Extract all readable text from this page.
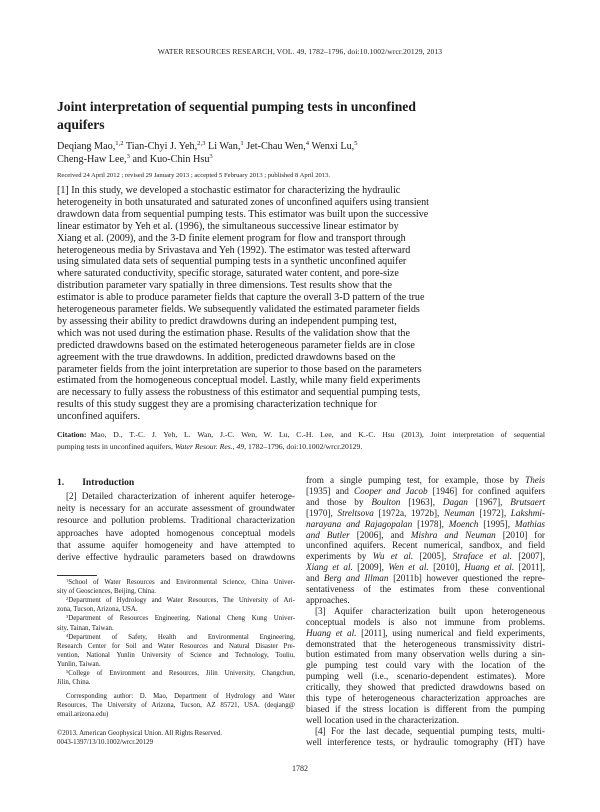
WATER RESOURCES RESEARCH, VOL. 49, 1782–1796, doi:10.1002/wrcr.20129, 2013
Joint interpretation of sequential pumping tests in unconfined
aquifers
Deqiang Mao,$^{1,2}$ Tian-Chyi J. Yeh,$^{2,3}$ Li Wan,$^1$ Jet-Chau Wen,$^4$ Wenxi Lu,$^5$
Cheng-Haw Lee,$^3$ and Kuo-Chin Hsu$^3$
Received 24 April 2012 ; revised 29 January 2013 ; accepted 5 February 2013 ; published 8 April 2013.
[1] In this study, we developed a stochastic estimator for characterizing the hydraulic
heterogeneity in both unsaturated and saturated zones of unconfined aquifers using transient
drawdown data from sequential pumping tests. This estimator was built upon the successive
linear estimator by Yeh et al. (1996), the simultaneous successive linear estimator by
Xiang et al. (2009), and the 3-D finite element program for flow and transport through
heterogeneous media by Srivastava and Yeh (1992). The estimator was tested afterward
using simulated data sets of sequential pumping tests in a synthetic unconfined aquifer
where saturated conductivity, specific storage, saturated water content, and pore-size
distribution parameter vary spatially in three dimensions. Test results show that the
estimator is able to produce parameter fields that capture the overall 3-D pattern of the true
heterogeneous parameter fields. We subsequently validated the estimated parameter fields
by assessing their ability to predict drawdowns during an independent pumping test,
which was not used during the estimation phase. Results of the validation show that the
predicted drawdowns based on the estimated heterogeneous parameter fields are in close
agreement with the true drawdowns. In addition, predicted drawdowns based on the
parameter fields from the joint interpretation are superior to those based on the parameters
estimated from the homogeneous conceptual model. Lastly, while many field experiments
are necessary to fully assess the robustness of this estimator and sequential pumping tests,
results of this study suggest they are a promising characterization technique for
unconfined aquifers.
Citation: Mao, D., T.-C. J. Yeh, L. Wan, J.-C. Wen, W. Lu, C.-H. Lee, and K.-C. Hsu (2013), Joint interpretation of sequential
pumping tests in unconfined aquifers, Water Resour. Res., 49, 1782–1796, doi:10.1002/wrcr.20129.
1. Introduction
[2] Detailed characterization of inherent aquifer heteroge-
neity is necessary for an accurate assessment of groundwater
resource and pollution problems. Traditional characterization
approaches have adopted homogenous conceptual models
that assume aquifer homogeneity and have attempted to
derive effective hydraulic parameters based on drawdowns
$^1$School of Water Resources and Environmental Science, China Univer-
sity of Geosciences, Beijing, China.
$^2$Department of Hydrology and Water Resources, The University of Ari-
zona, Tucson, Arizona, USA.
$^3$Department of Resources Engineering, National Cheng Kung Univer-
sity, Tainan, Taiwan.
$^4$Department of Safety, Health and Environmental Engineering,
Research Center for Soil and Water Resources and Natural Disaster Pre-
vention, National Yunlin University of Science and Technology, Touliu,
Yunlin, Taiwan.
$^5$College of Environment and Resources, Jilin University, Changchun,
Jilin, China.
Corresponding author: D. Mao, Department of Hydrology and Water
Resources, The University of Arizona, Tucson, AZ 85721, USA. (deqiang@
email.arizona.edu)
©2013. American Geophysical Union. All Rights Reserved.
0043-1397/13/10.1002/wrcr.20129
from a single pumping test, for example, those by Theis
[1935] and Cooper and Jacob [1946] for confined aquifers
and those by Boulton [1963], Dagan [1967], Brutsaert
[1970], Streltsova [1972a, 1972b], Neuman [1972], Lakshmi-
narayana and Rajagopalan [1978], Moench [1995], Mathias
and Butler [2006], and Mishra and Neuman [2010] for
unconfined aquifers. Recent numerical, sandbox, and field
experiments by Wu et al. [2005], Straface et al. [2007],
Xiang et al. [2009], Wen et al. [2010], Huang et al. [2011],
and Berg and Illman [2011b] however questioned the repre-
sentativeness of the estimates from these conventional
approaches.
[3] Aquifer characterization built upon heterogeneous
conceptual models is also not immune from problems.
Huang et al. [2011], using numerical and field experiments,
demonstrated that the heterogeneous transmissivity distri-
bution estimated from many observation wells during a sin-
gle pumping test could vary with the location of the
pumping well (i.e., scenario-dependent estimates). More
critically, they showed that predicted drawdowns based on
this type of heterogeneous characterization approaches are
biased if the stress location is different from the pumping
well location used in the characterization.
[4] For the last decade, sequential pumping tests, multi-
well interference tests, or hydraulic tomography (HT) have
1782
